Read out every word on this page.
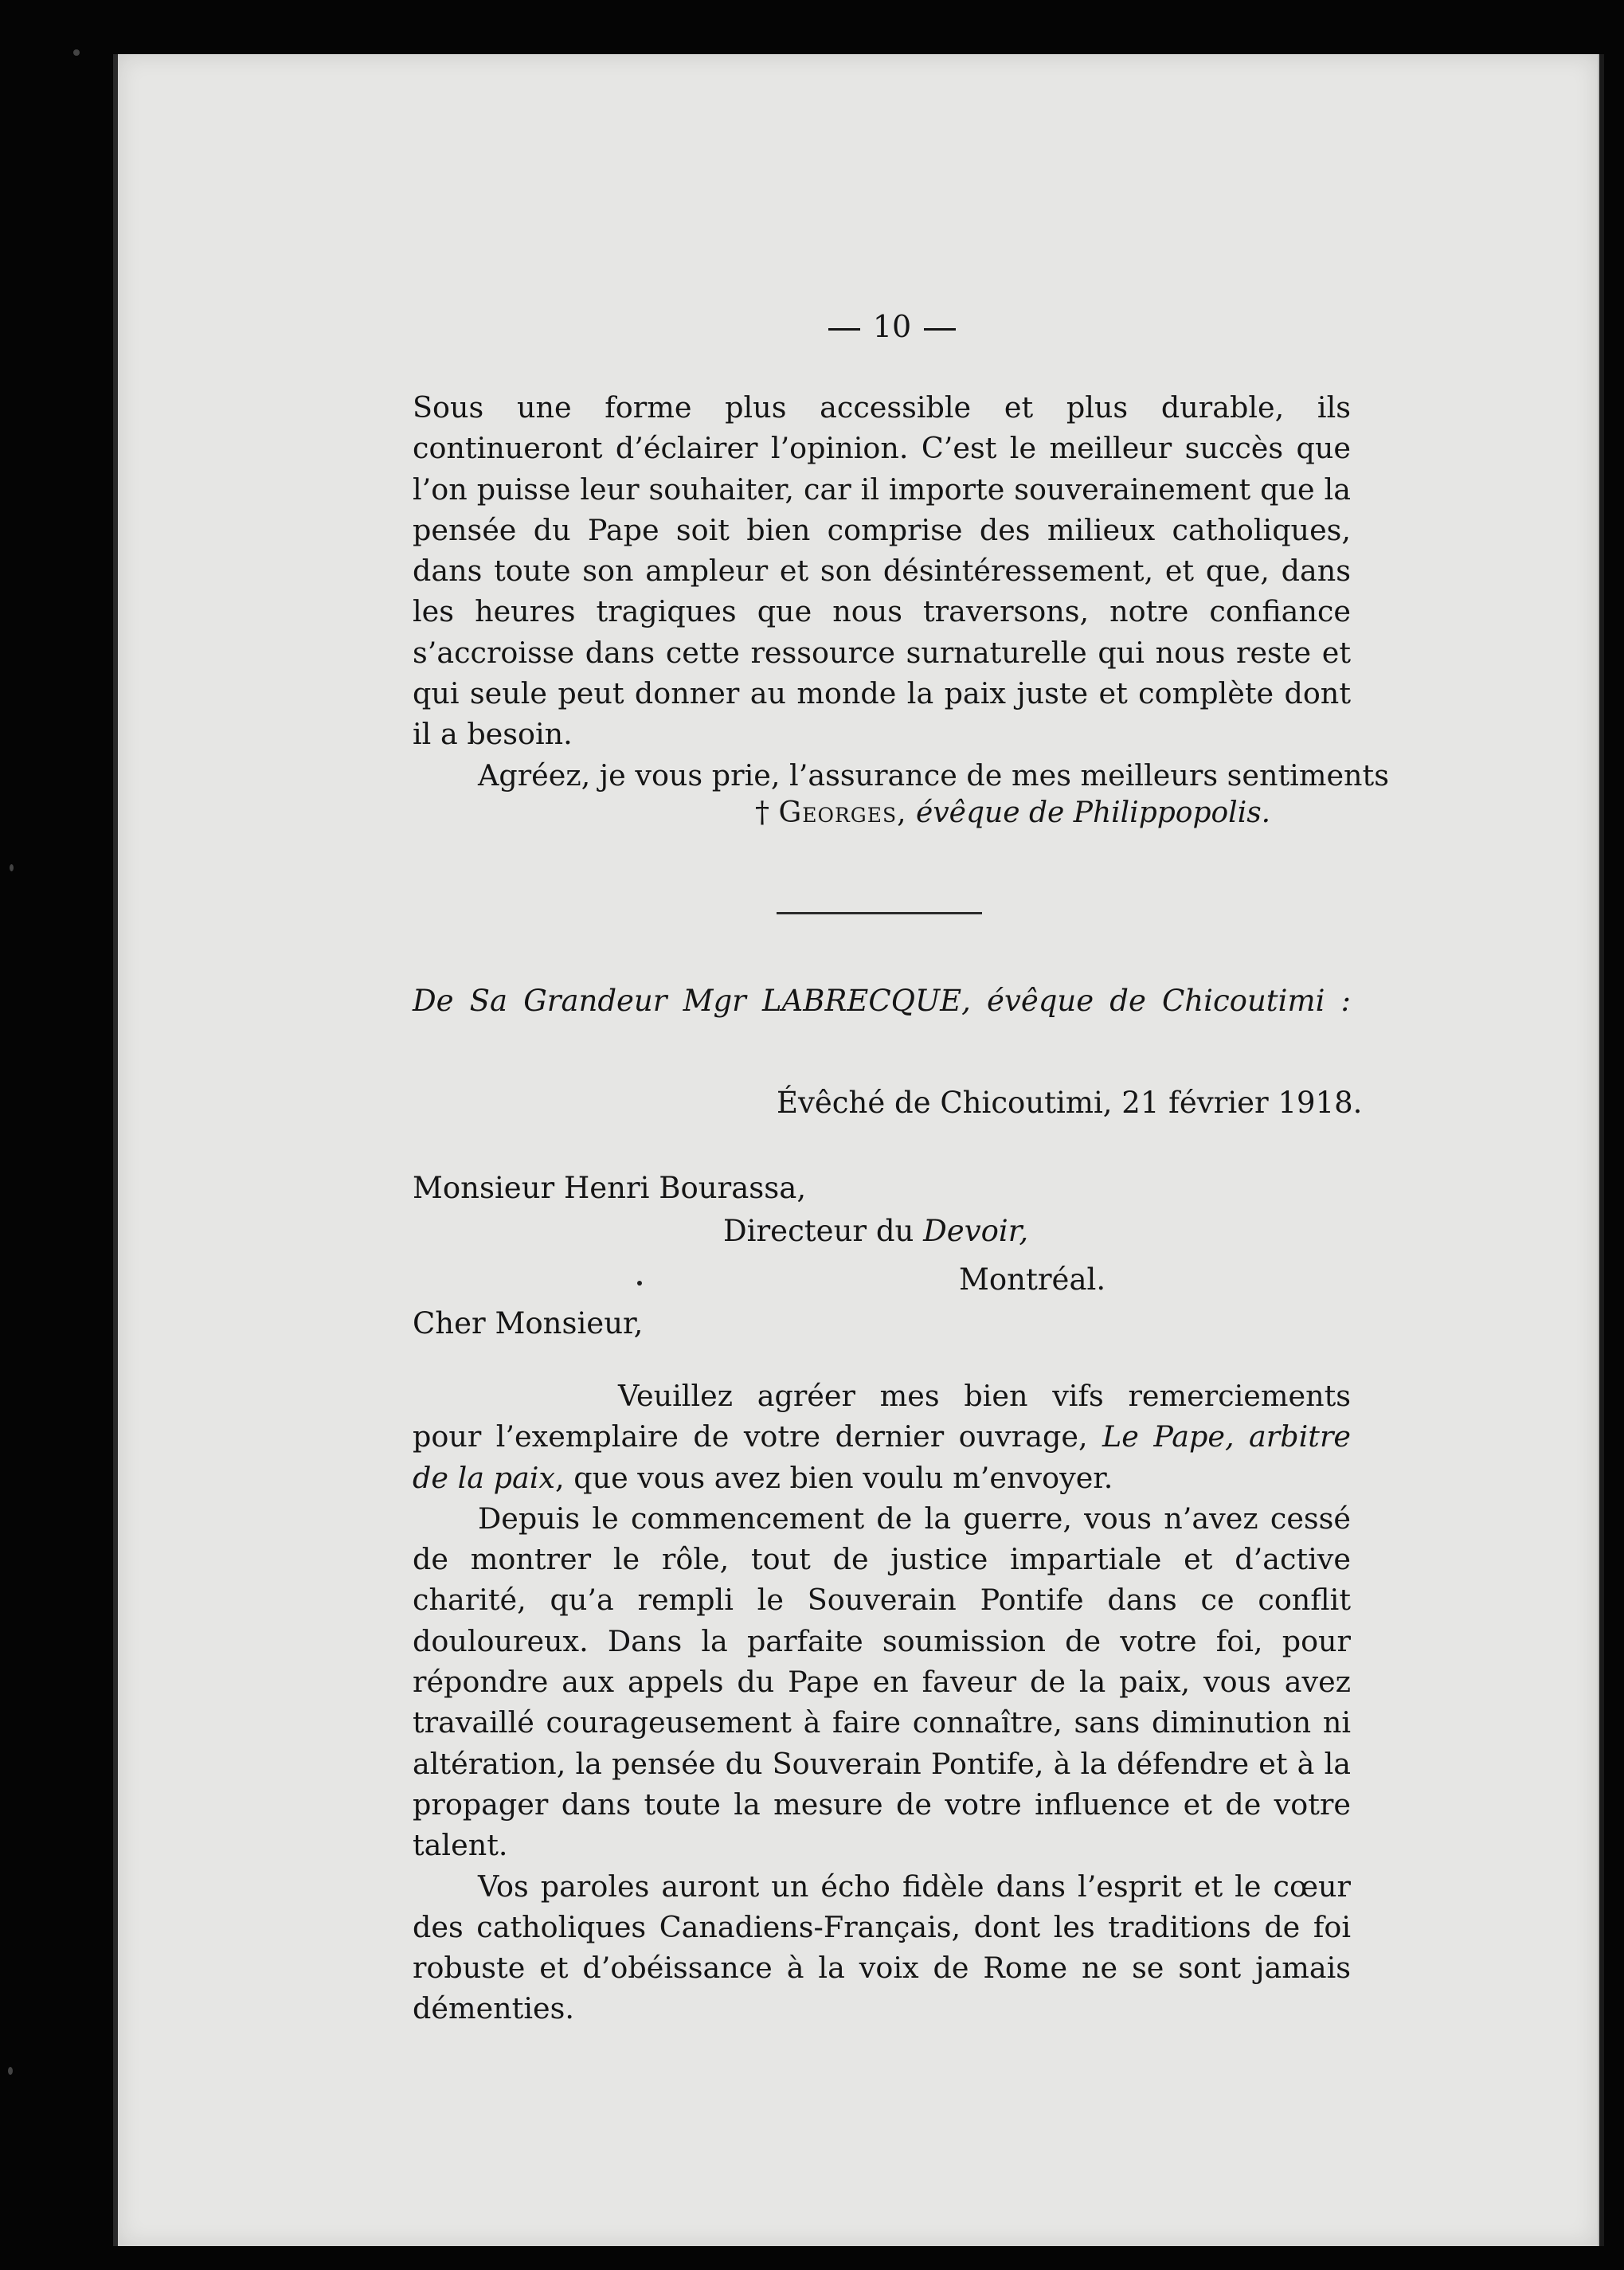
10

Sous une forme plus accessible et plus durable, ils continueront d’éclairer l’opinion. C’est le meilleur succès que l’on puisse leur souhaiter, car il importe souverainement que la pensée du Pape soit bien comprise des milieux catholiques, dans toute son ampleur et son désintéressement, et que, dans les heures tragiques que nous traversons, notre confiance s’accroisse dans cette ressource surnaturelle qui nous reste et qui seule peut donner au monde la paix juste et complète dont il a besoin.

Agréez, je vous prie, l’assurance de mes meilleurs sentiments

† Georges, évêque de Philippopolis.
De Sa Grandeur Mgr LABRECQUE, évêque de Chicoutimi :
Évêché de Chicoutimi, 21 février 1918.
Monsieur Henri Bourassa,
Directeur du Devoir,
Montréal.
Cher Monsieur,

Veuillez agréer mes bien vifs remerciements pour l’exemplaire de votre dernier ouvrage, Le Pape, arbitre de la paix, que vous avez bien voulu m’envoyer.

Depuis le commencement de la guerre, vous n’avez cessé de montrer le rôle, tout de justice impartiale et d’active charité, qu’a rempli le Souverain Pontife dans ce conflit douloureux. Dans la parfaite soumission de votre foi, pour répondre aux appels du Pape en faveur de la paix, vous avez travaillé courageusement à faire connaître, sans diminution ni altération, la pensée du Souverain Pontife, à la défendre et à la propager dans toute la mesure de votre influence et de votre talent.

Vos paroles auront un écho fidèle dans l’esprit et le cœur des catholiques Canadiens-Français, dont les traditions de foi robuste et d’obéissance à la voix de Rome ne se sont jamais démenties.
